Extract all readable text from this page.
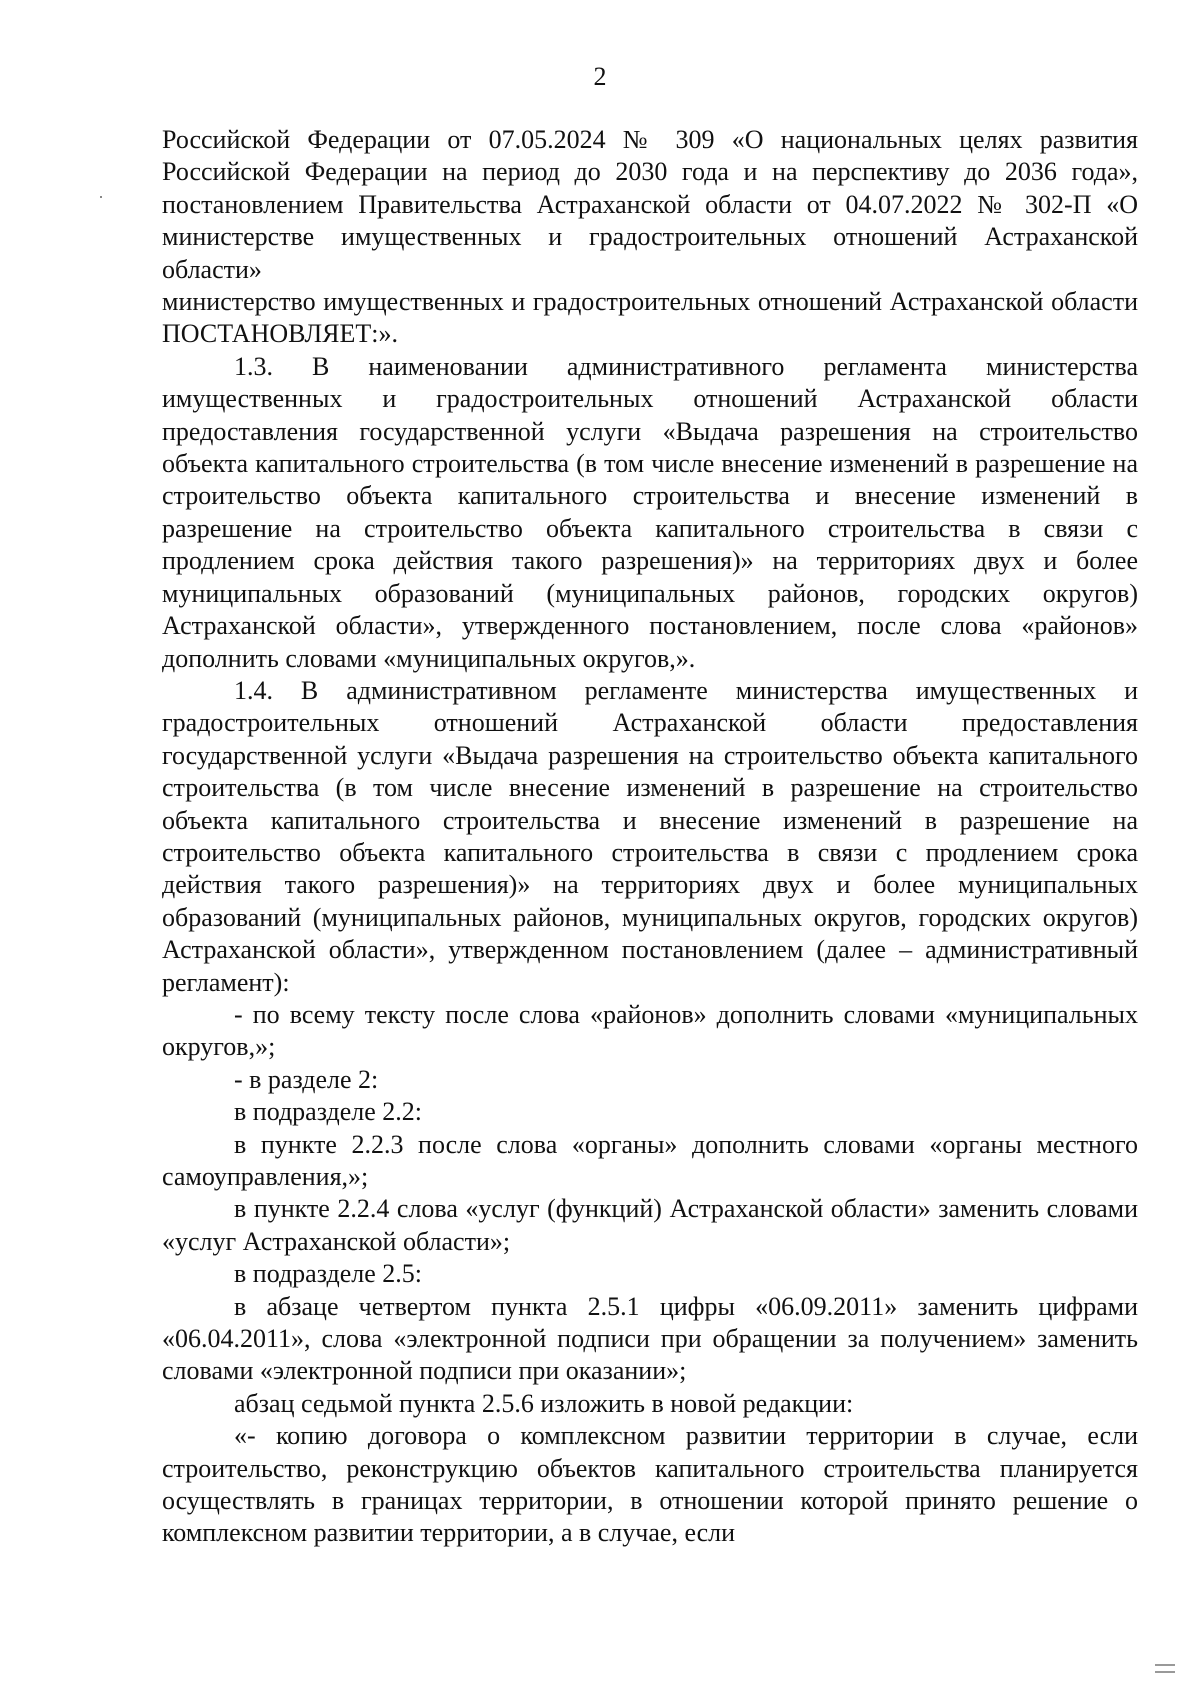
2

Российской Федерации от 07.05.2024 № 309 «О национальных целях развития Российской Федерации на период до 2030 года и на перспективу до 2036 года», постановлением Правительства Астраханской области от 04.07.2022 № 302-П «О министерстве имущественных и градостроительных отношений Астраханской области»

министерство имущественных и градостроительных отношений Астраханской области ПОСТАНОВЛЯЕТ:».

1.3. В наименовании административного регламента министерства имущественных и градостроительных отношений Астраханской области предоставления государственной услуги «Выдача разрешения на строительство объекта капитального строительства (в том числе внесение изменений в разрешение на строительство объекта капитального строительства и внесение изменений в разрешение на строительство объекта капитального строительства в связи с продлением срока действия такого разрешения)» на территориях двух и более муниципальных образований (муниципальных районов, городских округов) Астраханской области», утвержденного постановлением, после слова «районов» дополнить словами «муниципальных округов,».

1.4. В административном регламенте министерства имущественных и градостроительных отношений Астраханской области предоставления государственной услуги «Выдача разрешения на строительство объекта капитального строительства (в том числе внесение изменений в разрешение на строительство объекта капитального строительства и внесение изменений в разрешение на строительство объекта капитального строительства в связи с продлением срока действия такого разрешения)» на территориях двух и более муниципальных образований (муниципальных районов, муниципальных округов, городских округов) Астраханской области», утвержденном постановлением (далее – административный регламент):

- по всему тексту после слова «районов» дополнить словами «муниципальных округов,»;

- в разделе 2:

в подразделе 2.2:

в пункте 2.2.3 после слова «органы» дополнить словами «органы местного самоуправления,»;

в пункте 2.2.4 слова «услуг (функций) Астраханской области» заменить словами «услуг Астраханской области»;

в подразделе 2.5:

в абзаце четвертом пункта 2.5.1 цифры «06.09.2011» заменить цифрами «06.04.2011», слова «электронной подписи при обращении за получением» заменить словами «электронной подписи при оказании»;

абзац седьмой пункта 2.5.6 изложить в новой редакции:

«- копию договора о комплексном развитии территории в случае, если строительство, реконструкцию объектов капитального строительства планируется осуществлять в границах территории, в отношении которой принято решение о комплексном развитии территории, а в случае, если
